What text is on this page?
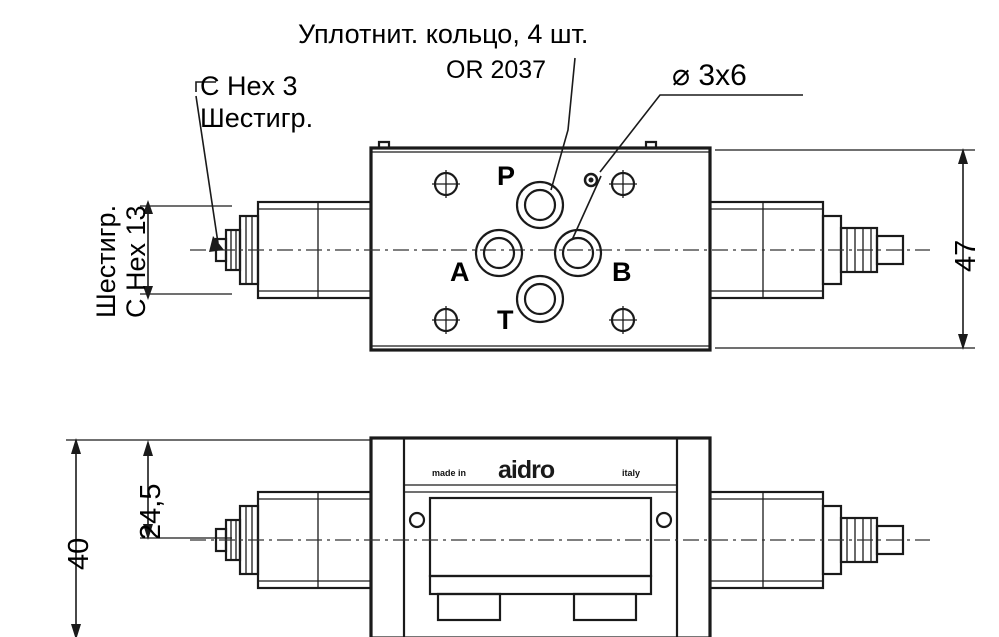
Уплотнит. кольцо, 4 шт.
OR 2037	⌀ 3x6
C Hex 3
Шестигр.
Шестигр. C Hex 13
P
A	B
T
47
40
24,5
aidro
made in	italy
